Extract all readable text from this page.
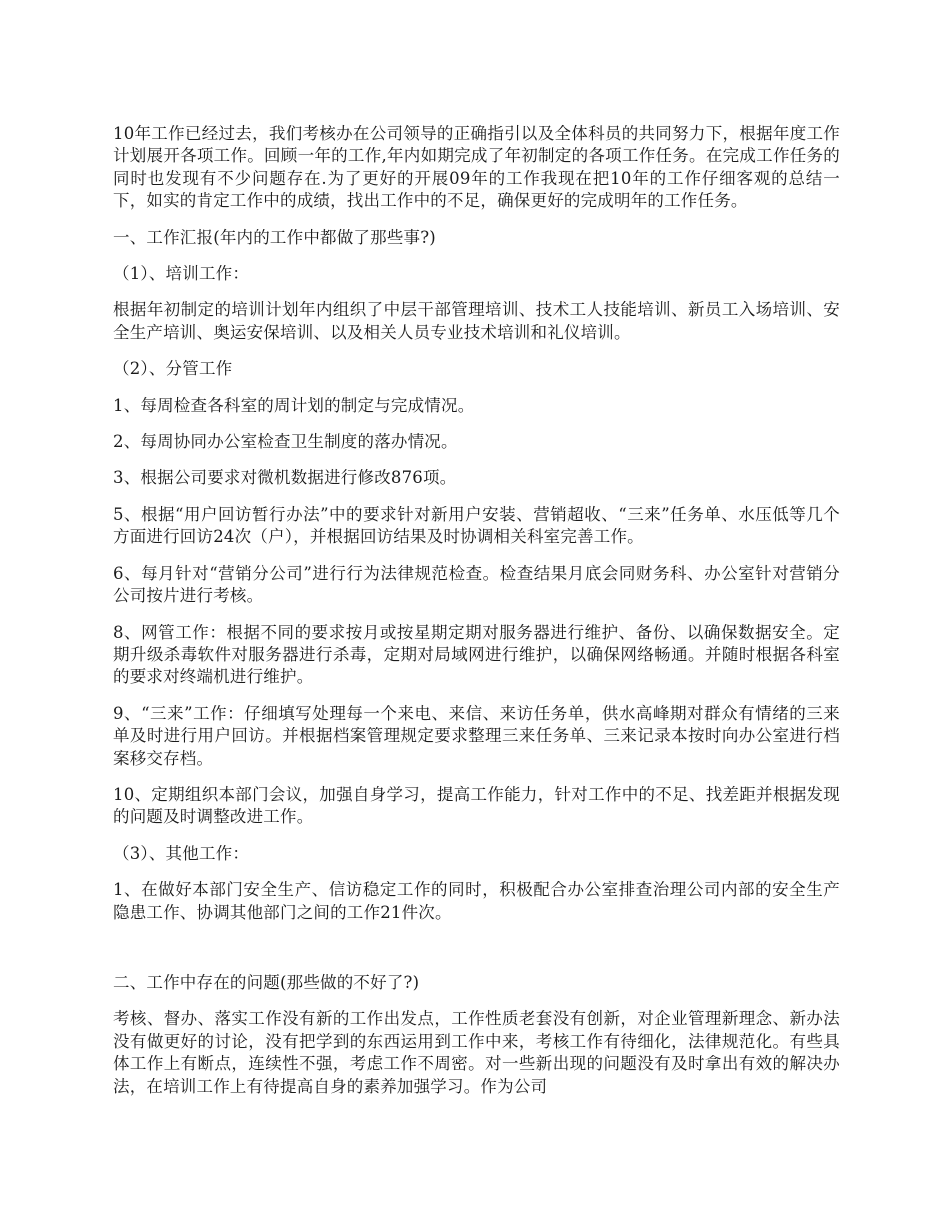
10年工作已经过去，我们考核办在公司领导的正确指引以及全体科员的共同努力下，根据年度工作计划展开各项工作。回顾一年的工作,年内如期完成了年初制定的各项工作任务。在完成工作任务的同时也发现有不少问题存在.为了更好的开展09年的工作我现在把10年的工作仔细客观的总结一下，如实的肯定工作中的成绩，找出工作中的不足，确保更好的完成明年的工作任务。

一、工作汇报(年内的工作中都做了那些事?)

（1）、培训工作：

根据年初制定的培训计划年内组织了中层干部管理培训、技术工人技能培训、新员工入场培训、安全生产培训、奥运安保培训、以及相关人员专业技术培训和礼仪培训。

（2）、分管工作

1、每周检查各科室的周计划的制定与完成情况。

2、每周协同办公室检查卫生制度的落办情况。

3、根据公司要求对微机数据进行修改876项。

5、根据“用户回访暂行办法”中的要求针对新用户安装、营销超收、“三来”任务单、水压低等几个方面进行回访24次（户），并根据回访结果及时协调相关科室完善工作。

6、每月针对“营销分公司”进行行为法律规范检查。检查结果月底会同财务科、办公室针对营销分公司按片进行考核。

8、网管工作：根据不同的要求按月或按星期定期对服务器进行维护、备份、以确保数据安全。定期升级杀毒软件对服务器进行杀毒，定期对局域网进行维护，以确保网络畅通。并随时根据各科室的要求对终端机进行维护。

9、“三来”工作：仔细填写处理每一个来电、来信、来访任务单，供水高峰期对群众有情绪的三来单及时进行用户回访。并根据档案管理规定要求整理三来任务单、三来记录本按时向办公室进行档案移交存档。

10、定期组织本部门会议，加强自身学习，提高工作能力，针对工作中的不足、找差距并根据发现的问题及时调整改进工作。

（3）、其他工作：

1、在做好本部门安全生产、信访稳定工作的同时，积极配合办公室排查治理公司内部的安全生产隐患工作、协调其他部门之间的工作21件次。

二、工作中存在的问题(那些做的不好了?)

考核、督办、落实工作没有新的工作出发点，工作性质老套没有创新，对企业管理新理念、新办法没有做更好的讨论，没有把学到的东西运用到工作中来，考核工作有待细化，法律规范化。有些具体工作上有断点，连续性不强，考虑工作不周密。对一些新出现的问题没有及时拿出有效的解决办法，在培训工作上有待提高自身的素养加强学习。作为公司
